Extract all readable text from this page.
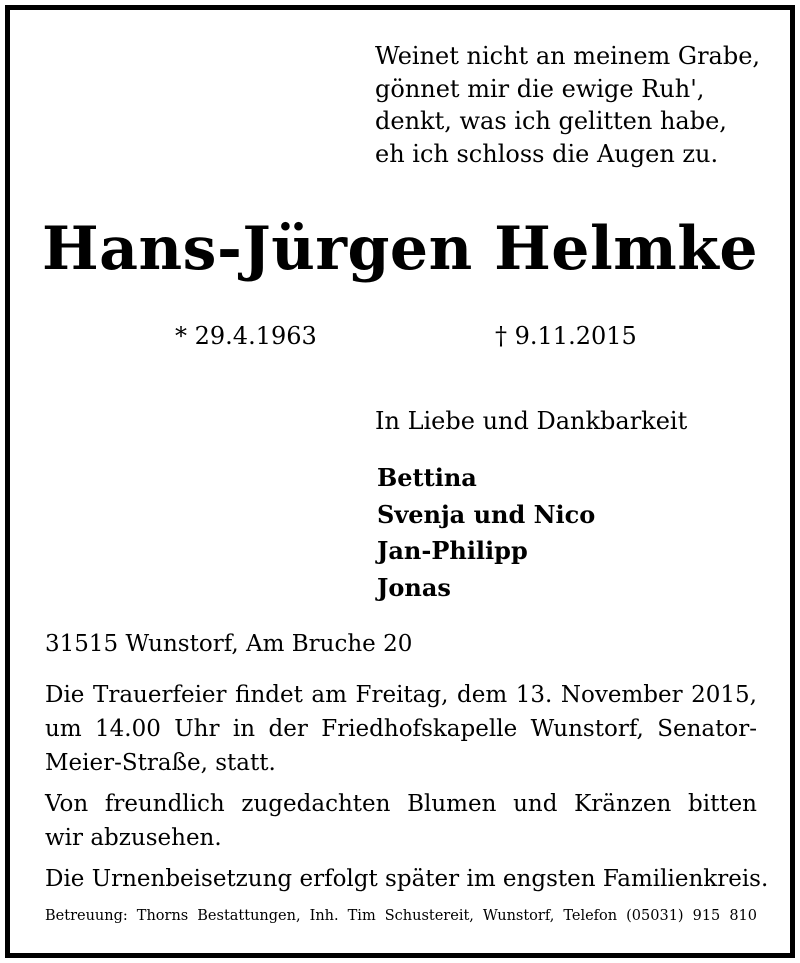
Weinet nicht an meinem Grabe,
gönnet mir die ewige Ruh',
denkt, was ich gelitten habe,
eh ich schloss die Augen zu.
Hans-Jürgen Helmke
* 29.4.1963	† 9.11.2015
In Liebe und Dankbarkeit
Bettina
Svenja und Nico
Jan-Philipp
Jonas
31515 Wunstorf, Am Bruche 20
Die Trauerfeier findet am Freitag, dem 13. November 2015,
um 14.00 Uhr in der Friedhofskapelle Wunstorf, Senator-
Meier-Straße, statt.
Von freundlich zugedachten Blumen und Kränzen bitten
wir abzusehen.
Die Urnenbeisetzung erfolgt später im engsten Familienkreis.
Betreuung: Thorns Bestattungen, Inh. Tim Schustereit, Wunstorf, Telefon (05031) 915 810
